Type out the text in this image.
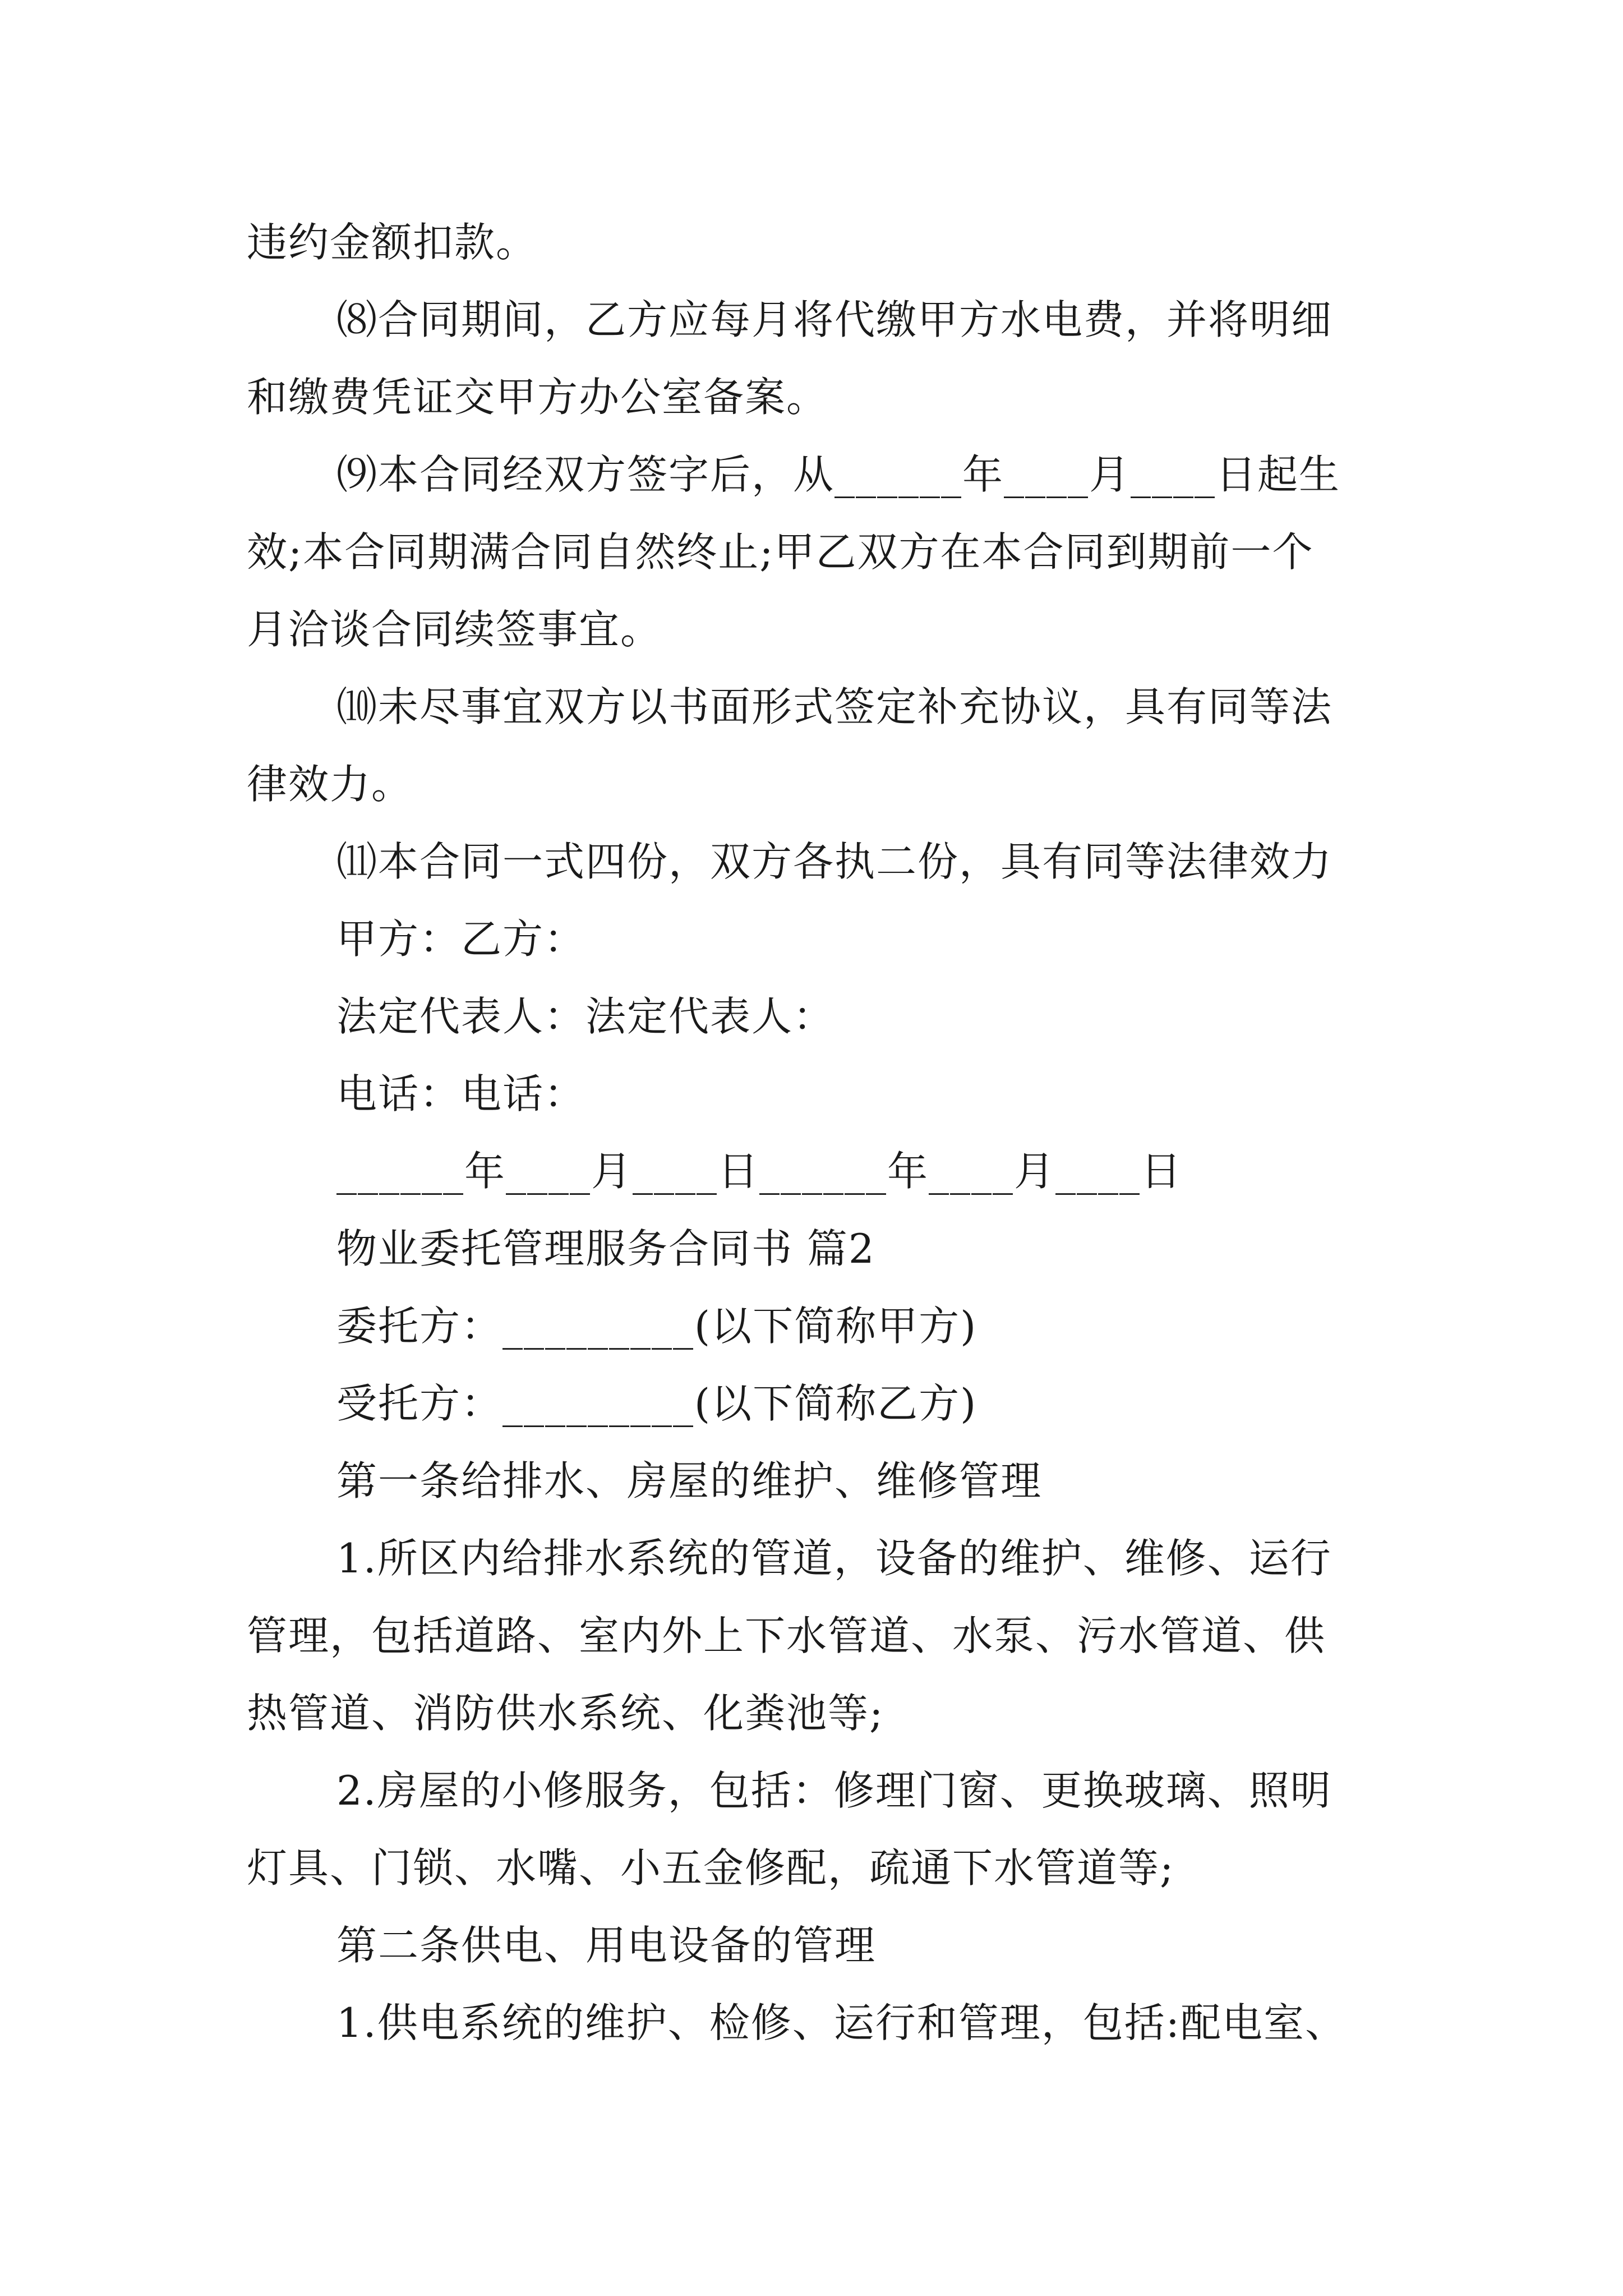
违约金额扣款。
⑻合同期间，乙方应每月将代缴甲方水电费，并将明细
和缴费凭证交甲方办公室备案。
⑼本合同经双方签字后，从______年____月____日起生
效;本合同期满合同自然终止;甲乙双方在本合同到期前一个
月洽谈合同续签事宜。
⑽未尽事宜双方以书面形式签定补充协议，具有同等法
律效力。
⑾本合同一式四份，双方各执二份，具有同等法律效力
甲方：乙方：
法定代表人：法定代表人：
电话：电话：
______年____月____日______年____月____日
物业委托管理服务合同书 篇2
委托方：_________(以下简称甲方)
受托方：_________(以下简称乙方)
第一条给排水、房屋的维护、维修管理
1.所区内给排水系统的管道，设备的维护、维修、运行
管理，包括道路、室内外上下水管道、水泵、污水管道、供
热管道、消防供水系统、化粪池等;
2.房屋的小修服务，包括：修理门窗、更换玻璃、照明
灯具、门锁、水嘴、小五金修配，疏通下水管道等;
第二条供电、用电设备的管理
1.供电系统的维护、检修、运行和管理，包括:配电室、
